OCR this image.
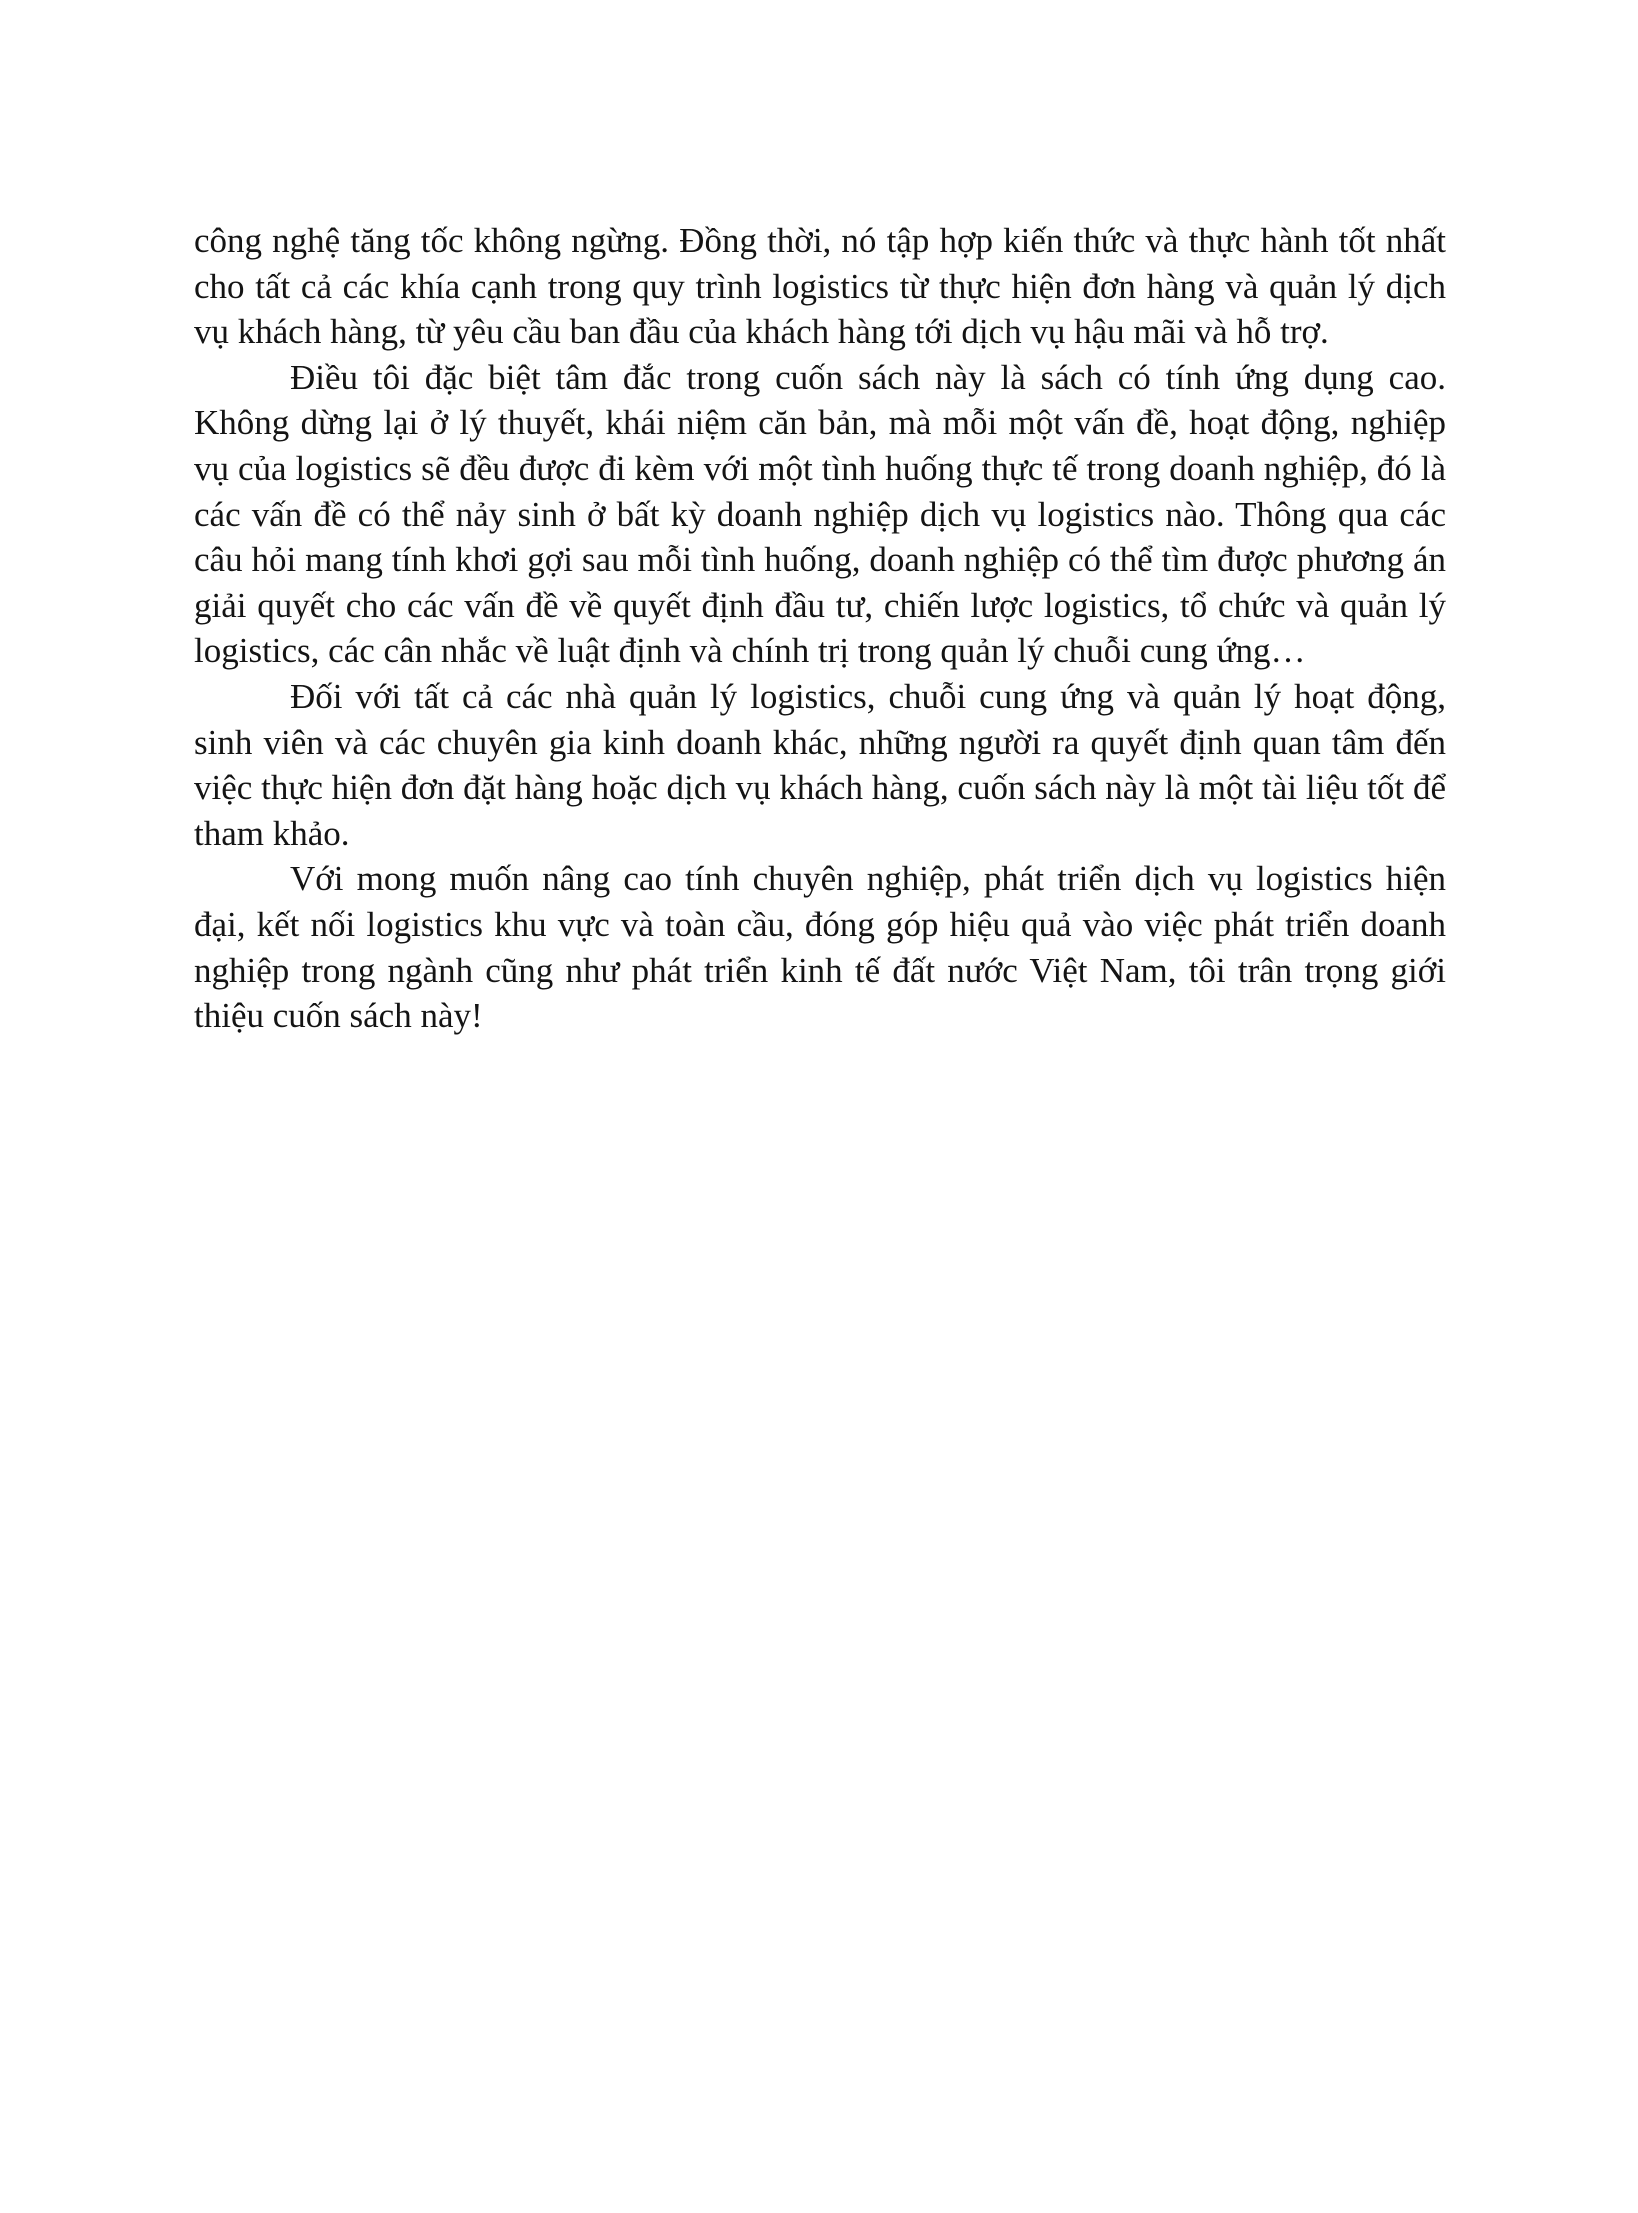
công nghệ tăng tốc không ngừng. Đồng thời, nó tập hợp kiến thức và thực hành tốt nhất cho tất cả các khía cạnh trong quy trình logistics từ thực hiện đơn hàng và quản lý dịch vụ khách hàng, từ yêu cầu ban đầu của khách hàng tới dịch vụ hậu mãi và hỗ trợ.

Điều tôi đặc biệt tâm đắc trong cuốn sách này là sách có tính ứng dụng cao. Không dừng lại ở lý thuyết, khái niệm căn bản, mà mỗi một vấn đề, hoạt động, nghiệp vụ của logistics sẽ đều được đi kèm với một tình huống thực tế trong doanh nghiệp, đó là các vấn đề có thể nảy sinh ở bất kỳ doanh nghiệp dịch vụ logistics nào. Thông qua các câu hỏi mang tính khơi gợi sau mỗi tình huống, doanh nghiệp có thể tìm được phương án giải quyết cho các vấn đề về quyết định đầu tư, chiến lược logistics, tổ chức và quản lý logistics, các cân nhắc về luật định và chính trị trong quản lý chuỗi cung ứng…

Đối với tất cả các nhà quản lý logistics, chuỗi cung ứng và quản lý hoạt động, sinh viên và các chuyên gia kinh doanh khác, những người ra quyết định quan tâm đến việc thực hiện đơn đặt hàng hoặc dịch vụ khách hàng, cuốn sách này là một tài liệu tốt để tham khảo.

Với mong muốn nâng cao tính chuyên nghiệp, phát triển dịch vụ logistics hiện đại, kết nối logistics khu vực và toàn cầu, đóng góp hiệu quả vào việc phát triển doanh nghiệp trong ngành cũng như phát triển kinh tế đất nước Việt Nam, tôi trân trọng giới thiệu cuốn sách này!
